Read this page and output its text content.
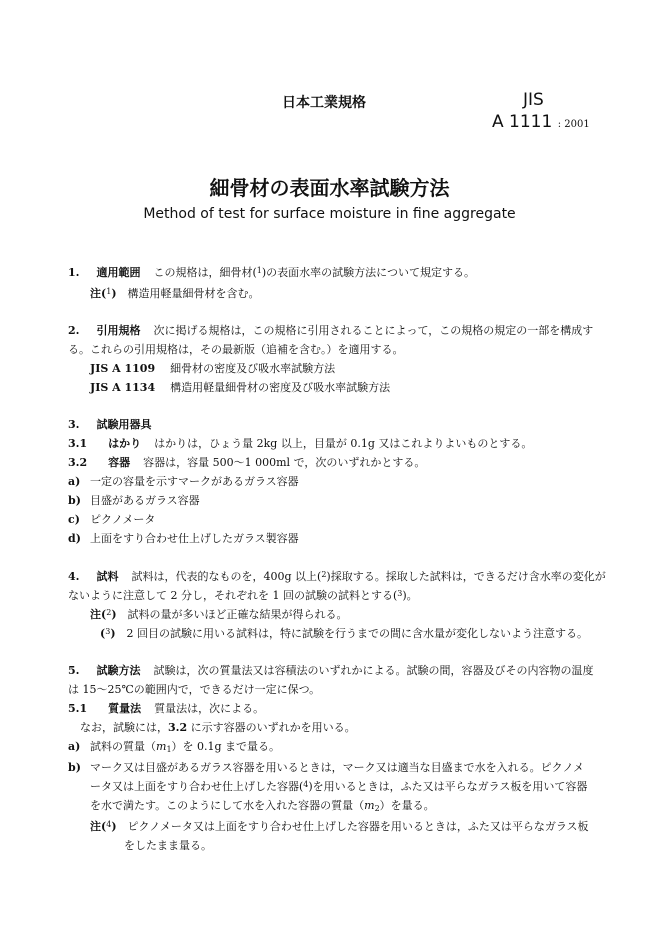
日本工業規格	JIS
A 1111 : 2001
細骨材の表面水率試験方法
Method of test for surface moisture in fine aggregate
1. 適用範囲 この規格は，細骨材($^1$)の表面水率の試験方法について規定する。
注($^1$) 構造用軽量細骨材を含む。
2. 引用規格 次に掲げる規格は，この規格に引用されることによって，この規格の規定の一部を構成す
る。これらの引用規格は，その最新版（追補を含む。）を適用する。
JIS A 1109 細骨材の密度及び吸水率試験方法
JIS A 1134 構造用軽量細骨材の密度及び吸水率試験方法
3. 試験用器具
3.1 はかり はかりは，ひょう量 2kg 以上，目量が 0.1g 又はこれよりよいものとする。
3.2 容器 容器は，容量 500～1 000ml で，次のいずれかとする。
a) 一定の容量を示すマークがあるガラス容器
b) 目盛があるガラス容器
c) ピクノメータ
d) 上面をすり合わせ仕上げしたガラス製容器
4. 試料 試料は，代表的なものを，400g 以上($^2$)採取する。採取した試料は，できるだけ含水率の変化が
ないように注意して 2 分し，それぞれを 1 回の試験の試料とする($^3$)。
注($^2$) 試料の量が多いほど正確な結果が得られる。
($^3$) 2 回目の試験に用いる試料は，特に試験を行うまでの間に含水量が変化しないよう注意する。
5. 試験方法 試験は，次の質量法又は容積法のいずれかによる。試験の間，容器及びその内容物の温度
は 15～25℃の範囲内で，できるだけ一定に保つ。
5.1 質量法 質量法は，次による。
なお，試験には，3.2 に示す容器のいずれかを用いる。
a) 試料の質量$(m_1)$を 0.1g まで量る。
b) マーク又は目盛があるガラス容器を用いるときは，マーク又は適当な目盛まで水を入れる。ピクノメ
ータ又は上面をすり合わせ仕上げした容器($^4$)を用いるときは，ふた又は平らなガラス板を用いて容器
を水で満たす。このようにして水を入れた容器の質量$(m_2)$を量る。
注($^4$) ピクノメータ又は上面をすり合わせ仕上げした容器を用いるときは，ふた又は平らなガラス板
をしたまま量る。
